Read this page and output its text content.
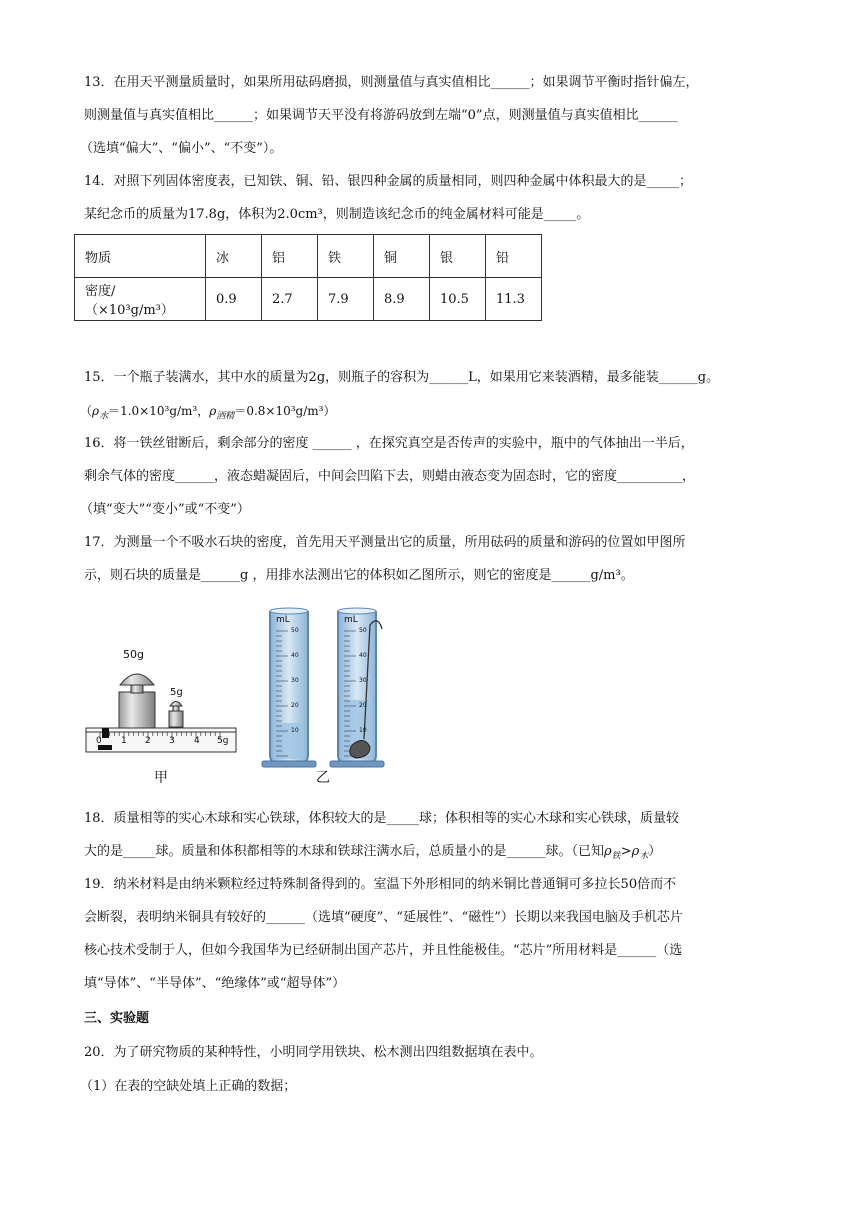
13．在用天平测量质量时，如果所用砝码磨损，则测量值与真实值相比______；如果调节平衡时指针偏左，
则测量值与真实值相比______；如果调节天平没有将游码放到左端“0”点，则测量值与真实值相比______
（选填“偏大”、“偏小”、“不变”）。
14．对照下列固体密度表，已知铁、铜、铅、银四种金属的质量相同，则四种金属中体积最大的是_____；
某纪念币的质量为17.8g，体积为2.0cm³，则制造该纪念币的纯金属材料可能是_____。
物质	冰	铝	铁	铜	银	铅
密度/（×10³g/m³）	0.9	2.7	7.9	8.9	10.5	11.3
15．一个瓶子装满水，其中水的质量为2g，则瓶子的容积为______L，如果用它来装酒精，最多能装______g。
（$\rho_水=1.0\times 10^3g/m^3$，$\rho_{酒精}=0.8\times 10^3g/m^3$）
16．将一铁丝钳断后，剩余部分的密度 ______ ，在探究真空是否传声的实验中，瓶中的气体抽出一半后，
剩余气体的密度______，液态蜡凝固后，中间会凹陷下去，则蜡由液态变为固态时，它的密度__________，
（填“变大”“变小”或“不变”）
17．为测量一个不吸水石块的密度，首先用天平测量出它的质量，所用砝码的质量和游码的位置如甲图所
示，则石块的质量是______g ，用排水法测出它的体积如乙图所示，则它的密度是______g/m³。
50g
5g
0 1 2 3 4 5g
甲	乙
mL	mL
50
40
30
20
10
50
40
30
20
10
18．质量相等的实心木球和实心铁球，体积较大的是_____球；体积相等的实心木球和实心铁球，质量较
大的是_____球。质量和体积都相等的木球和铁球注满水后，总质量小的是______球。（已知$\rho_铁>\rho_木$）
19．纳米材料是由纳米颗粒经过特殊制备得到的。室温下外形相同的纳米铜比普通铜可多拉长50倍而不
会断裂，表明纳米铜具有较好的______（选填“硬度”、“延展性”、“磁性”）长期以来我国电脑及手机芯片
核心技术受制于人，但如今我国华为已经研制出国产芯片，并且性能极佳。“芯片”所用材料是______（选
填“导体”、“半导体”、“绝缘体”或“超导体”）
三、实验题
20．为了研究物质的某种特性，小明同学用铁块、松木测出四组数据填在表中。
（1）在表的空缺处填上正确的数据；
